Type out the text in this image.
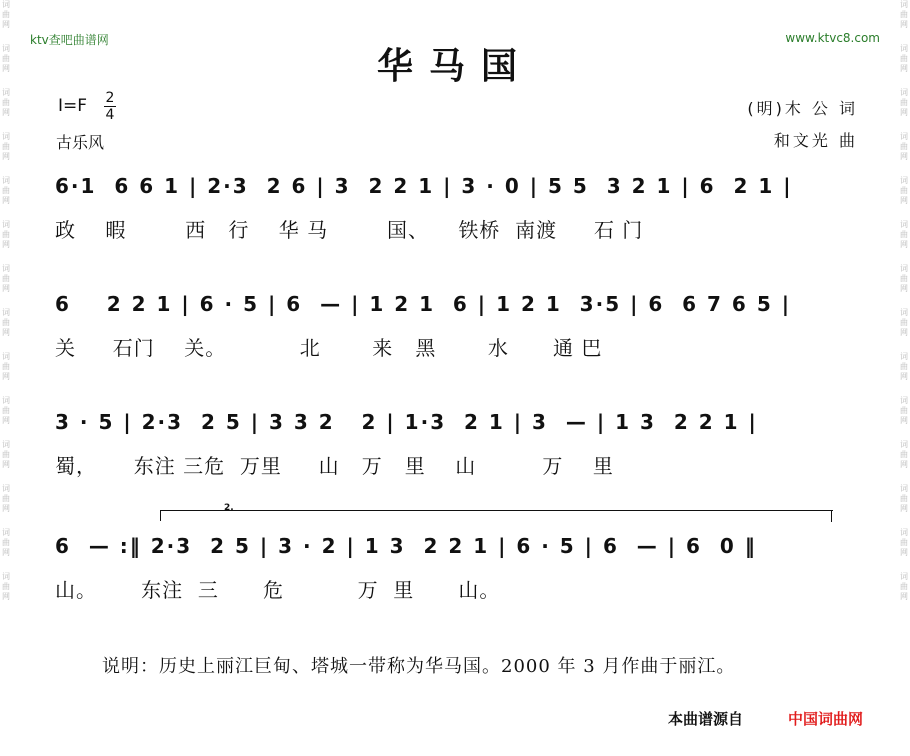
词
曲
网
词
曲
网
词
曲
网
词
曲
网
词
曲
网
词
曲
网
词
曲
网
词
曲
网
词
曲
网
词
曲
网
词
曲
网
词
曲
网
词
曲
网
词
曲
网
词
曲
网
词
曲
网
词
曲
网
词
曲
网
词
曲
网
词
曲
网
词
曲
网
词
曲
网
词
曲
网
词
曲
网
词
曲
网
词
曲
网
词
曲
网
词
曲
网
ktv查吧曲谱网	www.ktvc8.com
华马国
I=F 2
4
古乐风
(明)木 公 词
和文光 曲
6·1  6 6 1 | 2·3  2 6 | 3  2 2 1 | 3 · 0 | 5 5  3 2 1 | 6  2 1 |
政    暇        西   行    华 马        国、    铁桥  南渡     石 门
6    2 2 1 | 6 · 5 | 6  — | 1 2 1  6 | 1 2 1  3·5 | 6  6 7 6 5 |
关     石门    关。          北       来   黑       水      通 巴
3 · 5 | 2·3  2 5 | 3 3 2   2 | 1·3  2 1 | 3  — | 1 3  2 2 1 |
蜀，     东注 三危  万里     山   万   里    山         万    里
2.
6  — :‖ 2·3  2 5 | 3 · 2 | 1 3  2 2 1 | 6 · 5 | 6  — | 6  0 ‖
山。      东注  三      危          万  里      山。
说明：历史上丽江巨甸、塔城一带称为华马国。2000 年 3 月作曲于丽江。
本曲谱源自	中国词曲网
